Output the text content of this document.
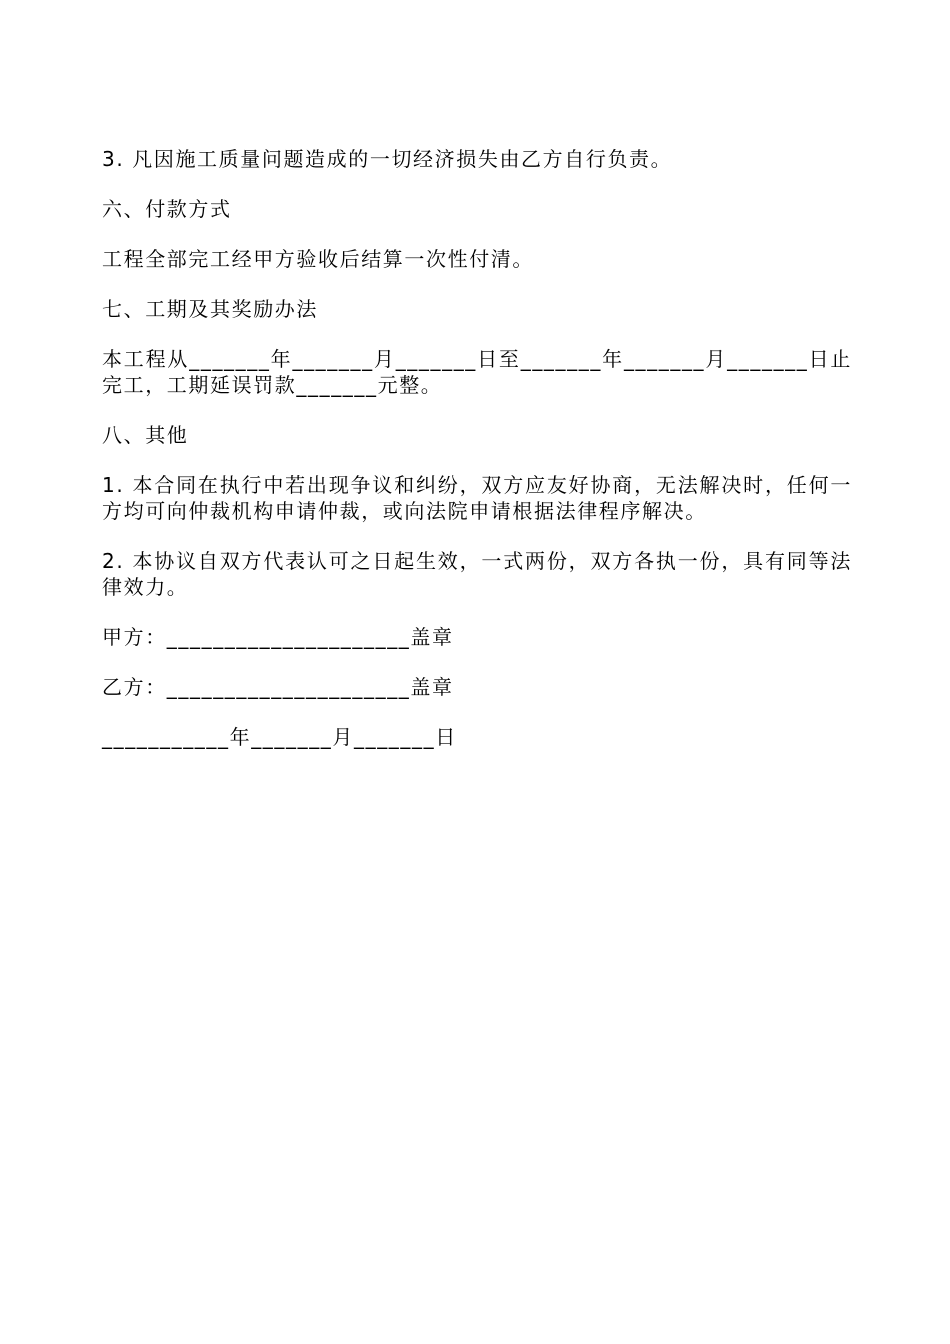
3. 凡因施工质量问题造成的一切经济损失由乙方自行负责。

六、付款方式

工程全部完工经甲方验收后结算一次性付清。

七、工期及其奖励办法

本工程从_______年_______月_______日至_______年_______月_______日止完工，工期延误罚款_______元整。

八、其他

1. 本合同在执行中若出现争议和纠纷，双方应友好协商，无法解决时，任何一方均可向仲裁机构申请仲裁，或向法院申请根据法律程序解决。

2. 本协议自双方代表认可之日起生效，一式两份，双方各执一份，具有同等法律效力。

甲方：_____________________盖章

乙方：_____________________盖章

___________年_______月_______日
